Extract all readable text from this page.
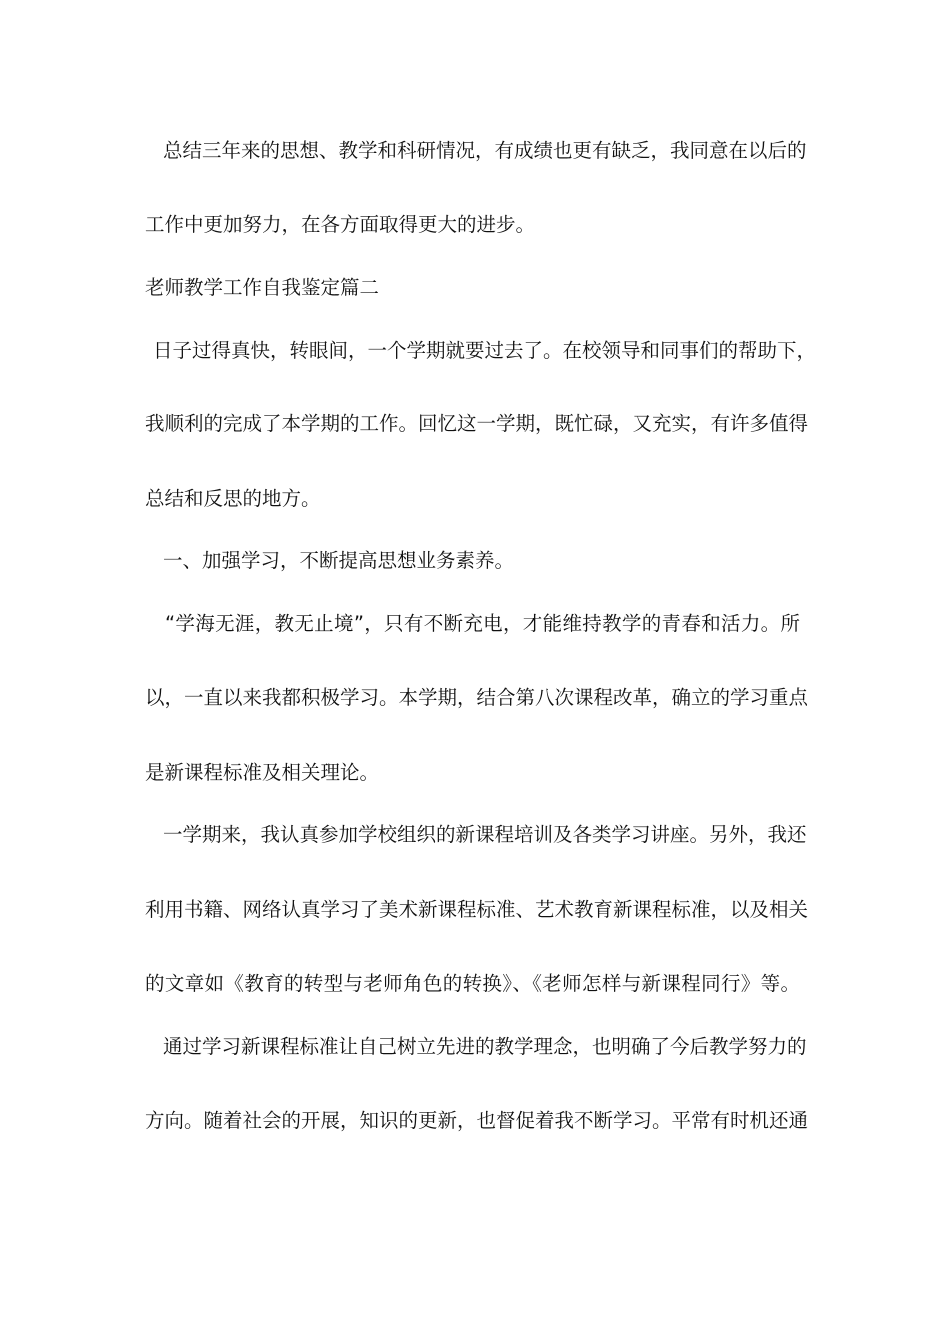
总结三年来的思想、教学和科研情况，有成绩也更有缺乏，我同意在以后的
工作中更加努力，在各方面取得更大的进步。
老师教学工作自我鉴定篇二
日子过得真快，转眼间，一个学期就要过去了。在校领导和同事们的帮助下，
我顺利的完成了本学期的工作。回忆这一学期，既忙碌，又充实，有许多值得
总结和反思的地方。
一、加强学习，不断提高思想业务素养。
“学海无涯，教无止境”，只有不断充电，才能维持教学的青春和活力。所
以，一直以来我都积极学习。本学期，结合第八次课程改革，确立的学习重点
是新课程标准及相关理论。
一学期来，我认真参加学校组织的新课程培训及各类学习讲座。另外，我还
利用书籍、网络认真学习了美术新课程标准、艺术教育新课程标准，以及相关
的文章如《教育的转型与老师角色的转换》、《老师怎样与新课程同行》等。
通过学习新课程标准让自己树立先进的教学理念，也明确了今后教学努力的
方向。随着社会的开展，知识的更新，也督促着我不断学习。平常有时机还通
